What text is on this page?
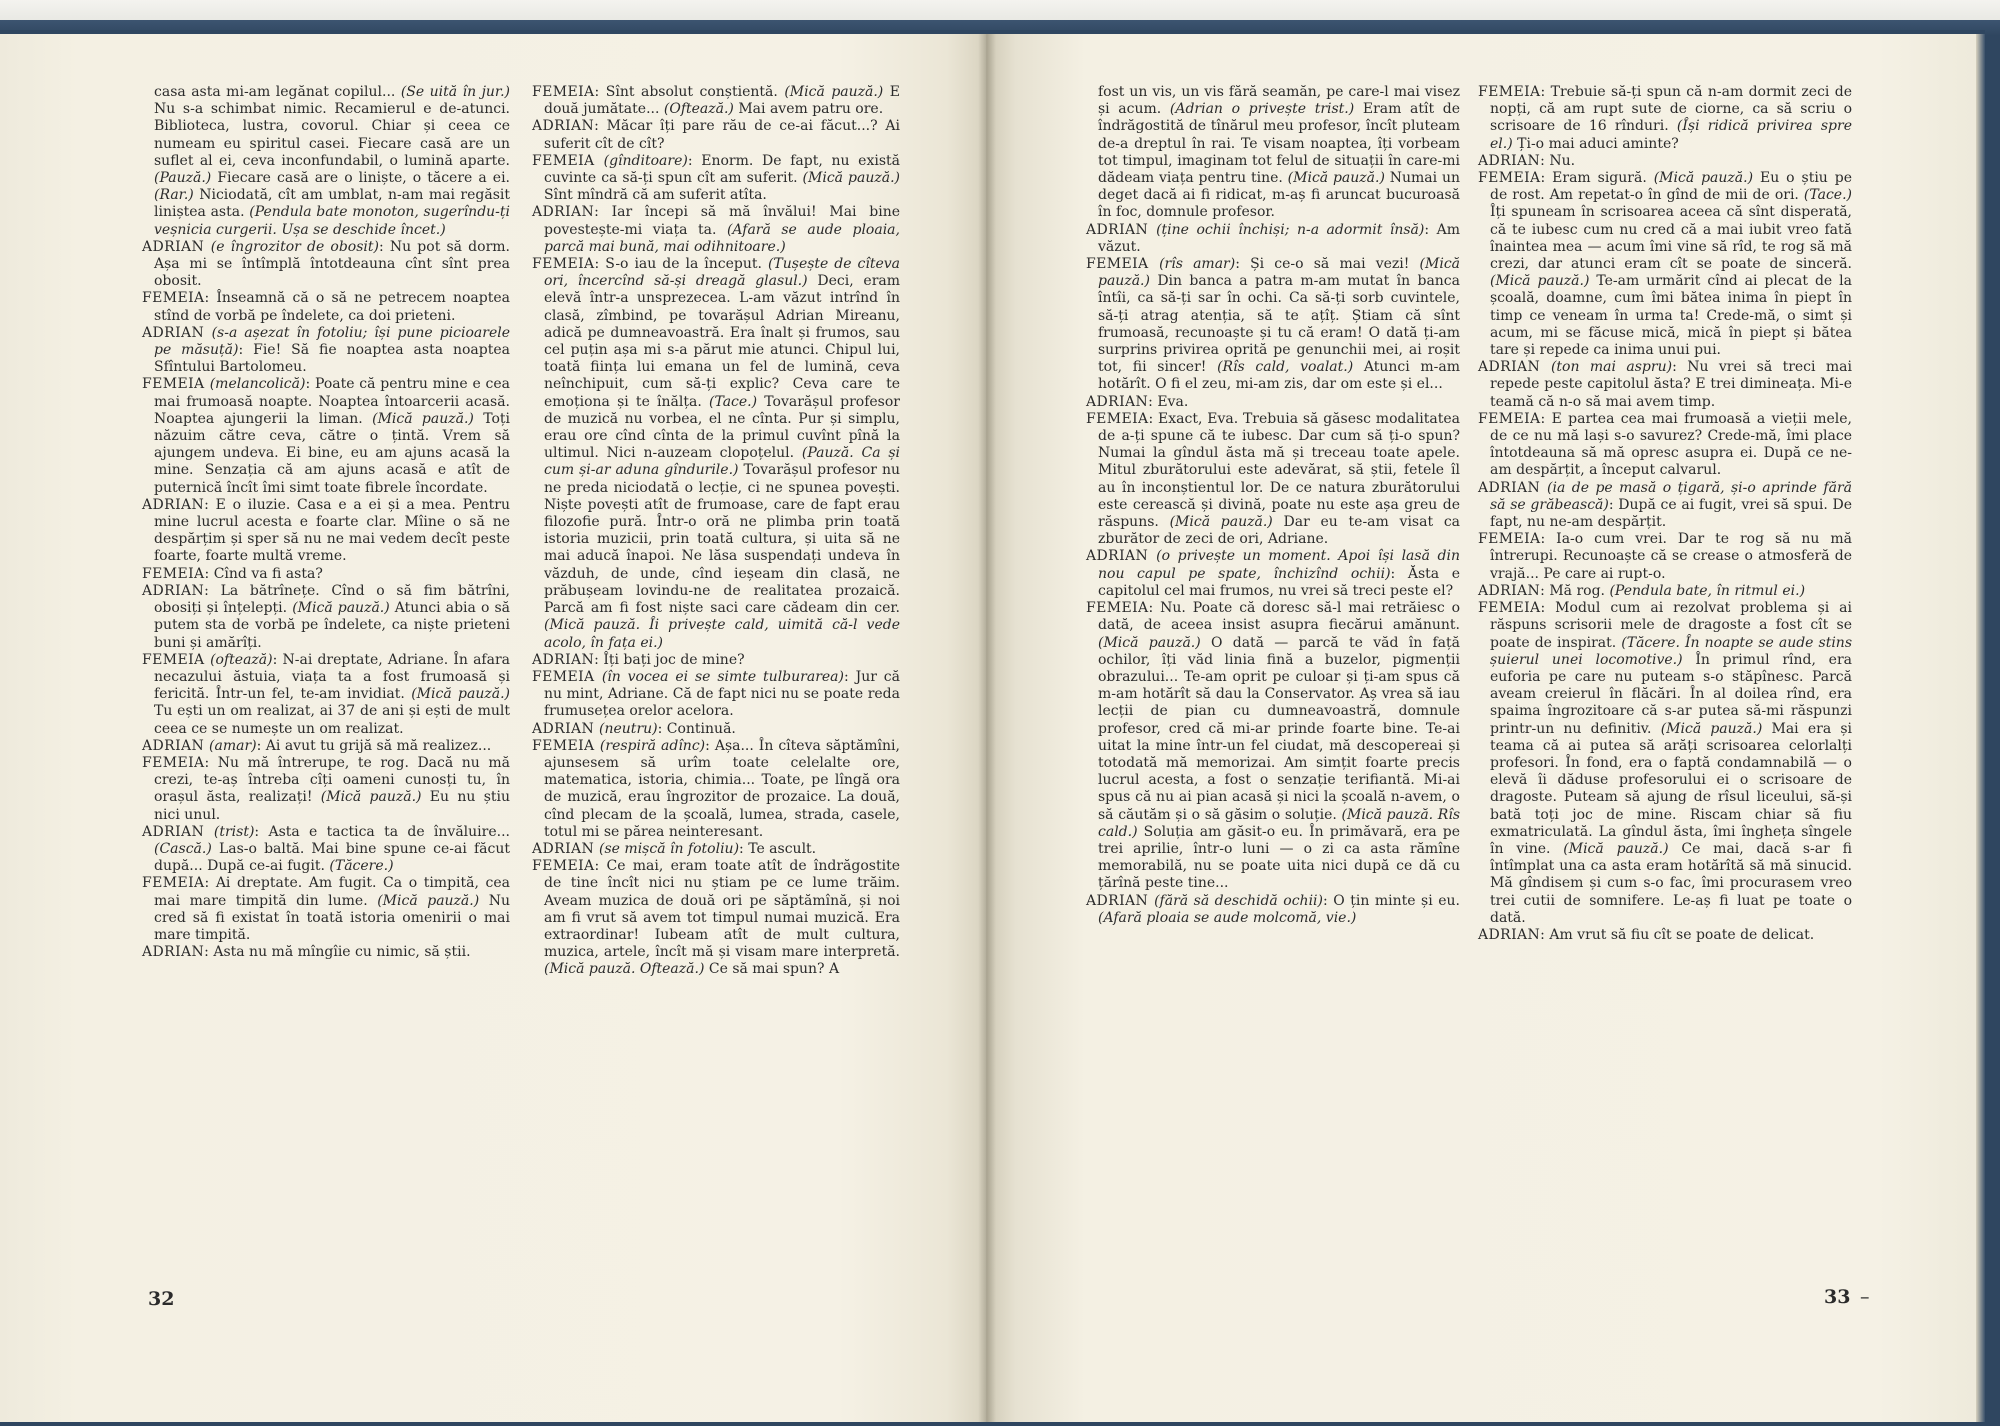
casa asta mi-am legănat copilul... (Se uită în jur.) Nu s-a schimbat nimic. Recamierul e de-atunci. Biblioteca, lustra, covorul. Chiar și ceea ce numeam eu spiritul casei. Fiecare casă are un suflet al ei, ceva inconfundabil, o lumină aparte. (Pauză.) Fiecare casă are o liniște, o tăcere a ei. (Rar.) Niciodată, cît am umblat, n-am mai regăsit liniștea asta. (Pendula bate monoton, sugerîndu-ți veșnicia curgerii. Ușa se deschide încet.)

ADRIAN (e îngrozitor de obosit): Nu pot să dorm. Așa mi se întîmplă întotdeauna cînt sînt prea obosit.

FEMEIA: Înseamnă că o să ne petrecem noaptea stînd de vorbă pe îndelete, ca doi prieteni.

ADRIAN (s-a așezat în fotoliu; își pune picioarele pe măsuță): Fie! Să fie noaptea asta noaptea Sfîntului Bartolomeu.

FEMEIA (melancolică): Poate că pentru mine e cea mai frumoasă noapte. Noaptea întoarcerii acasă. Noaptea ajungerii la liman. (Mică pauză.) Toți năzuim către ceva, către o țintă. Vrem să ajungem undeva. Ei bine, eu am ajuns acasă la mine. Senzația că am ajuns acasă e atît de puternică încît îmi simt toate fibrele încordate.

ADRIAN: E o iluzie. Casa e a ei și a mea. Pentru mine lucrul acesta e foarte clar. Mîine o să ne despărțim și sper să nu ne mai vedem decît peste foarte, foarte multă vreme.

FEMEIA: Cînd va fi asta?

ADRIAN: La bătrînețe. Cînd o să fim bătrîni, obosiți și înțelepți. (Mică pauză.) Atunci abia o să putem sta de vorbă pe îndelete, ca niște prieteni buni și amărîți.

FEMEIA (oftează): N-ai dreptate, Adriane. În afara necazului ăstuia, viața ta a fost frumoasă și fericită. Într-un fel, te-am invidiat. (Mică pauză.) Tu ești un om realizat, ai 37 de ani și ești de mult ceea ce se numește un om realizat.

ADRIAN (amar): Ai avut tu grijă să mă realizez...

FEMEIA: Nu mă întrerupe, te rog. Dacă nu mă crezi, te-aș întreba cîți oameni cunosți tu, în orașul ăsta, realizați! (Mică pauză.) Eu nu știu nici unul.

ADRIAN (trist): Asta e tactica ta de învăluire... (Cască.) Las-o baltă. Mai bine spune ce-ai făcut după... După ce-ai fugit. (Tăcere.)

FEMEIA: Ai dreptate. Am fugit. Ca o timpită, cea mai mare timpită din lume. (Mică pauză.) Nu cred să fi existat în toată istoria omenirii o mai mare timpită.

ADRIAN: Asta nu mă mîngîie cu nimic, să știi.

FEMEIA: Sînt absolut conștientă. (Mică pauză.) E două jumătate... (Oftează.) Mai avem patru ore.

ADRIAN: Măcar îți pare rău de ce-ai făcut...? Ai suferit cît de cît?

FEMEIA (gînditoare): Enorm. De fapt, nu există cuvinte ca să-ți spun cît am suferit. (Mică pauză.) Sînt mîndră că am suferit atîta.

ADRIAN: Iar începi să mă învălui! Mai bine povestește-mi viața ta. (Afară se aude ploaia, parcă mai bună, mai odihnitoare.)

FEMEIA: S-o iau de la început. (Tușește de cîteva ori, încercînd să-și dreagă glasul.) Deci, eram elevă într-a unsprezecea. L-am văzut intrînd în clasă, zîmbind, pe tovarășul Adrian Mireanu, adică pe dumneavoastră. Era înalt și frumos, sau cel puțin așa mi s-a părut mie atunci. Chipul lui, toată ființa lui emana un fel de lumină, ceva neînchipuit, cum să-ți explic? Ceva care te emoționa și te înălța. (Tace.) Tovarășul profesor de muzică nu vorbea, el ne cînta. Pur și simplu, erau ore cînd cînta de la primul cuvînt pînă la ultimul. Nici n-auzeam clopoțelul. (Pauză. Ca și cum și-ar aduna gîndurile.) Tovarășul profesor nu ne preda niciodată o lecție, ci ne spunea povești. Niște povești atît de frumoase, care de fapt erau filozofie pură. Într-o oră ne plimba prin toată istoria muzicii, prin toată cultura, și uita să ne mai aducă înapoi. Ne lăsa suspendați undeva în văzduh, de unde, cînd ieșeam din clasă, ne prăbușeam lovindu-ne de realitatea prozaică. Parcă am fi fost niște saci care cădeam din cer. (Mică pauză. Îi privește cald, uimită că-l vede acolo, în fața ei.)

ADRIAN: Îți bați joc de mine?

FEMEIA (în vocea ei se simte tulburarea): Jur că nu mint, Adriane. Că de fapt nici nu se poate reda frumusețea orelor acelora.

ADRIAN (neutru): Continuă.

FEMEIA (respiră adînc): Așa... În cîteva săptămîni, ajunsesem să urîm toate celelalte ore, matematica, istoria, chimia... Toate, pe lîngă ora de muzică, erau îngrozitor de prozaice. La două, cînd plecam de la școală, lumea, strada, casele, totul mi se părea neinteresant.

ADRIAN (se mișcă în fotoliu): Te ascult.

FEMEIA: Ce mai, eram toate atît de îndrăgostite de tine încît nici nu știam pe ce lume trăim. Aveam muzica de două ori pe săptămînă, și noi am fi vrut să avem tot timpul numai muzică. Era extraordinar! Iubeam atît de mult cultura, muzica, artele, încît mă și visam mare interpretă. (Mică pauză. Oftează.) Ce să mai spun? A

32

fost un vis, un vis fără seamăn, pe care-l mai visez și acum. (Adrian o privește trist.) Eram atît de îndrăgostită de tînărul meu profesor, încît pluteam de-a dreptul în rai. Te visam noaptea, îți vorbeam tot timpul, imaginam tot felul de situații în care-mi dădeam viața pentru tine. (Mică pauză.) Numai un deget dacă ai fi ridicat, m-aș fi aruncat bucuroasă în foc, domnule profesor.

ADRIAN (ține ochii închiși; n-a adormit însă): Am văzut.

FEMEIA (rîs amar): Și ce-o să mai vezi! (Mică pauză.) Din banca a patra m-am mutat în banca întîi, ca să-ți sar în ochi. Ca să-ți sorb cuvintele, să-ți atrag atenția, să te ațîț. Știam că sînt frumoasă, recunoaște și tu că eram! O dată ți-am surprins privirea oprită pe genunchii mei, ai roșit tot, fii sincer! (Rîs cald, voalat.) Atunci m-am hotărît. O fi el zeu, mi-am zis, dar om este și el...

ADRIAN: Eva.

FEMEIA: Exact, Eva. Trebuia să găsesc modalitatea de a-ți spune că te iubesc. Dar cum să ți-o spun? Numai la gîndul ăsta mă și treceau toate apele. Mitul zburătorului este adevărat, să știi, fetele îl au în inconștientul lor. De ce natura zburătorului este cerească și divină, poate nu este așa greu de răspuns. (Mică pauză.) Dar eu te-am visat ca zburător de zeci de ori, Adriane.

ADRIAN (o privește un moment. Apoi își lasă din nou capul pe spate, închizînd ochii): Ăsta e capitolul cel mai frumos, nu vrei să treci peste el?

FEMEIA: Nu. Poate că doresc să-l mai retrăiesc o dată, de aceea insist asupra fiecărui amănunt. (Mică pauză.) O dată — parcă te văd în față ochilor, îți văd linia fină a buzelor, pigmenții obrazului... Te-am oprit pe culoar și ți-am spus că m-am hotărît să dau la Conservator. Aș vrea să iau lecții de pian cu dumneavoastră, domnule profesor, cred că mi-ar prinde foarte bine. Te-ai uitat la mine într-un fel ciudat, mă descopereai și totodată mă memorizai. Am simțit foarte precis lucrul acesta, a fost o senzație terifiantă. Mi-ai spus că nu ai pian acasă și nici la școală n-avem, o să căutăm și o să găsim o soluție. (Mică pauză. Rîs cald.) Soluția am găsit-o eu. În primăvară, era pe trei aprilie, într-o luni — o zi ca asta rămîne memorabilă, nu se poate uita nici după ce dă cu țărînă peste tine...

ADRIAN (fără să deschidă ochii): O țin minte și eu. (Afară ploaia se aude molcomă, vie.)

FEMEIA: Trebuie să-ți spun că n-am dormit zeci de nopți, că am rupt sute de ciorne, ca să scriu o scrisoare de 16 rînduri. (Își ridică privirea spre el.) Ți-o mai aduci aminte?

ADRIAN: Nu.

FEMEIA: Eram sigură. (Mică pauză.) Eu o știu pe de rost. Am repetat-o în gînd de mii de ori. (Tace.) Îți spuneam în scrisoarea aceea că sînt disperată, că te iubesc cum nu cred că a mai iubit vreo fată înaintea mea — acum îmi vine să rîd, te rog să mă crezi, dar atunci eram cît se poate de sinceră. (Mică pauză.) Te-am urmărit cînd ai plecat de la școală, doamne, cum îmi bătea inima în piept în timp ce veneam în urma ta! Crede-mă, o simt și acum, mi se făcuse mică, mică în piept și bătea tare și repede ca inima unui pui.

ADRIAN (ton mai aspru): Nu vrei să treci mai repede peste capitolul ăsta? E trei dimineața. Mi-e teamă că n-o să mai avem timp.

FEMEIA: E partea cea mai frumoasă a vieții mele, de ce nu mă lași s-o savurez? Crede-mă, îmi place întotdeauna să mă opresc asupra ei. După ce ne-am despărțit, a început calvarul.

ADRIAN (ia de pe masă o țigară, și-o aprinde fără să se grăbească): După ce ai fugit, vrei să spui. De fapt, nu ne-am despărțit.

FEMEIA: Ia-o cum vrei. Dar te rog să nu mă întrerupi. Recunoaște că se crease o atmosferă de vrajă... Pe care ai rupt-o.

ADRIAN: Mă rog. (Pendula bate, în ritmul ei.)

FEMEIA: Modul cum ai rezolvat problema și ai răspuns scrisorii mele de dragoste a fost cît se poate de inspirat. (Tăcere. În noapte se aude stins șuierul unei locomotive.) În primul rînd, era euforia pe care nu puteam s-o stăpînesc. Parcă aveam creierul în flăcări. În al doilea rînd, era spaima îngrozitoare că s-ar putea să-mi răspunzi printr-un nu definitiv. (Mică pauză.) Mai era și teama că ai putea să arăți scrisoarea celorlalți profesori. În fond, era o faptă condamnabilă — o elevă îi dăduse profesorului ei o scrisoare de dragoste. Puteam să ajung de rîsul liceului, să-și bată toți joc de mine. Riscam chiar să fiu exmatriculată. La gîndul ăsta, îmi îngheța sîngele în vine. (Mică pauză.) Ce mai, dacă s-ar fi întîmplat una ca asta eram hotărîtă să mă sinucid. Mă gîndisem și cum s-o fac, îmi procurasem vreo trei cutii de somnifere. Le-aș fi luat pe toate o dată.

ADRIAN: Am vrut să fiu cît se poate de delicat.

33 –
